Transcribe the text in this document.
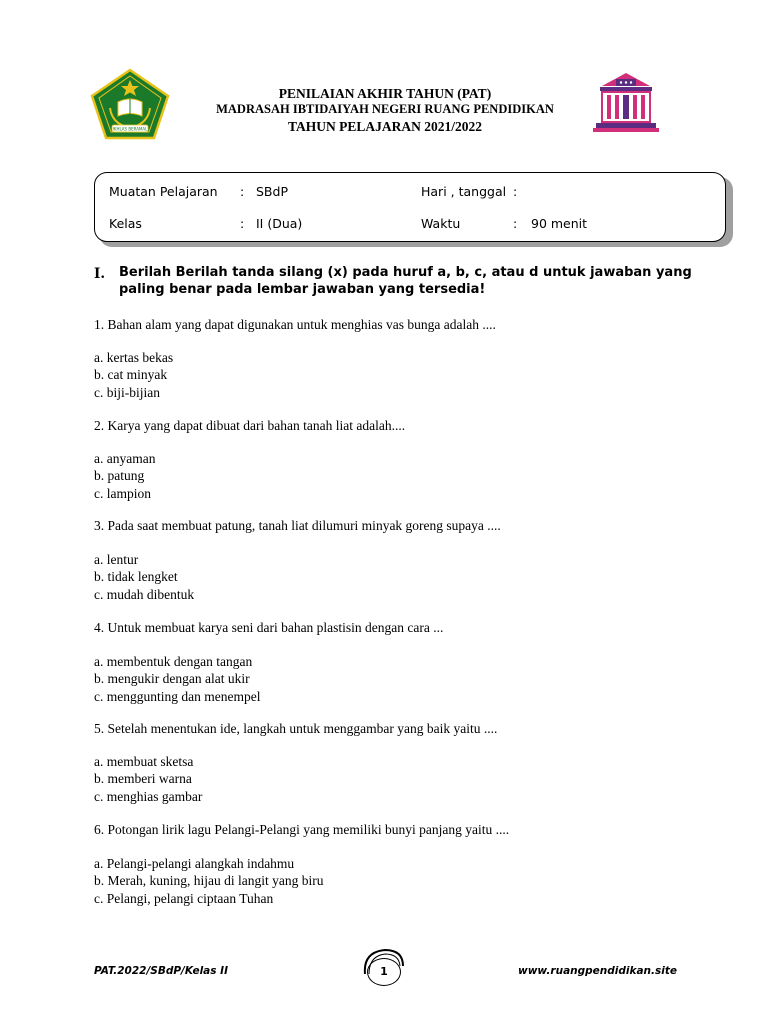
IKHLAS BERAMAL
PENILAIAN AKHIR TAHUN (PAT)
MADRASAH IBTIDAIYAH NEGERI RUANG PENDIDIKAN
TAHUN PELAJARAN 2021/2022
Muatan Pelajaran : SBdP	Hari , tanggal :
Kelas	: II (Dua)	Waktu	: 90 menit
I. Berilah Berilah tanda silang (x) pada huruf a, b, c, atau d untuk jawaban yang paling benar pada lembar jawaban yang tersedia!
1. Bahan alam yang dapat digunakan untuk menghias vas bunga adalah ....
a. kertas bekas
b. cat minyak
c. biji-bijian
2. Karya yang dapat dibuat dari bahan tanah liat adalah....
a. anyaman
b. patung
c. lampion
3. Pada saat membuat patung, tanah liat dilumuri minyak goreng supaya ....
a. lentur
b. tidak lengket
c. mudah dibentuk
4. Untuk membuat karya seni dari bahan plastisin dengan cara ...
a. membentuk dengan tangan
b. mengukir dengan alat ukir
c. menggunting dan menempel
5. Setelah menentukan ide, langkah untuk menggambar yang baik yaitu ....
a. membuat sketsa
b. memberi warna
c. menghias gambar
6. Potongan lirik lagu Pelangi-Pelangi yang memiliki bunyi panjang yaitu ....
a. Pelangi-pelangi alangkah indahmu
b. Merah, kuning, hijau di langit yang biru
c. Pelangi, pelangi ciptaan Tuhan
PAT.2022/SBdP/Kelas II	1	www.ruangpendidikan.site
